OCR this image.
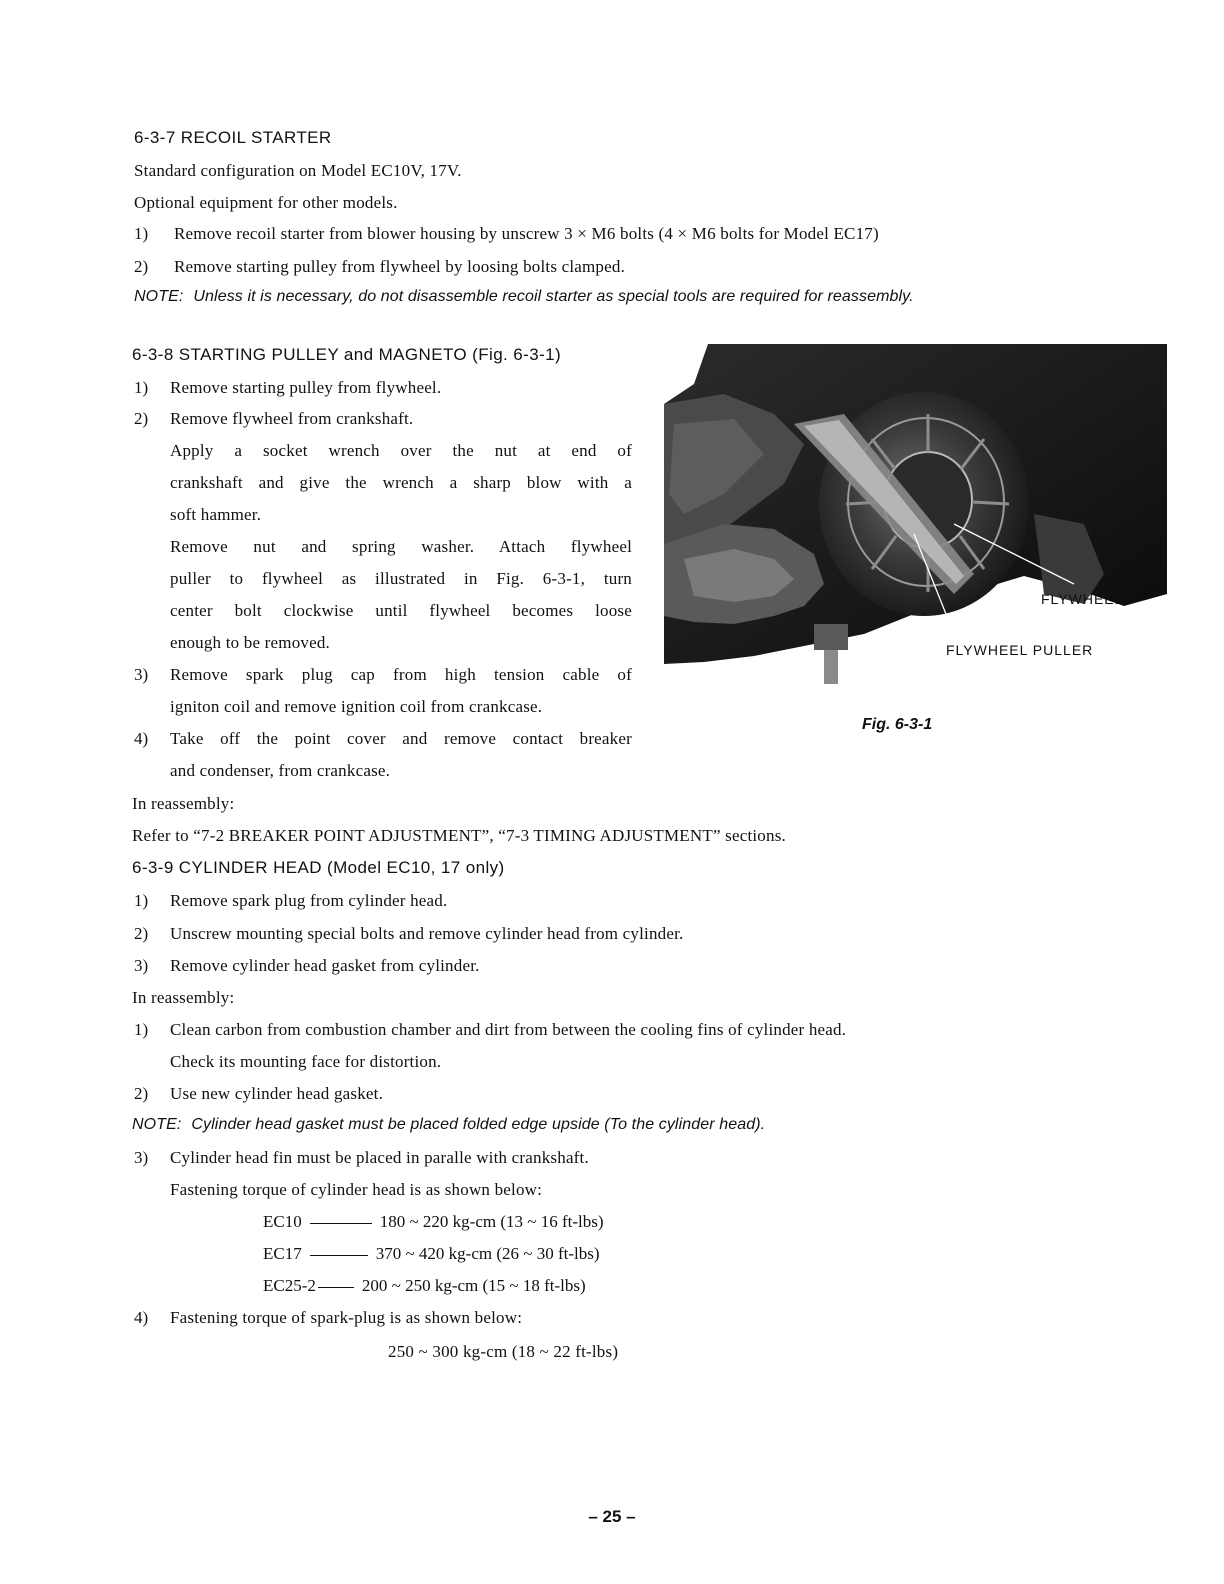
6-3-7 RECOIL STARTER
Standard configuration on Model EC10V, 17V.
Optional equipment for other models.
1) Remove recoil starter from blower housing by unscrew 3 × M6 bolts (4 × M6 bolts for Model EC17)
2) Remove starting pulley from flywheel by loosing bolts clamped.
NOTE: Unless it is necessary, do not disassemble recoil starter as special tools are required for reassembly.
6-3-8 STARTING PULLEY and MAGNETO (Fig. 6-3-1)
1) Remove starting pulley from flywheel.
2) Remove flywheel from crankshaft.
Apply a socket wrench over the nut at end of
crankshaft and give the wrench a sharp blow with a
soft hammer.
Remove nut and spring washer. Attach flywheel
puller to flywheel as illustrated in Fig. 6-3-1, turn
center bolt clockwise until flywheel becomes loose
enough to be removed.
3) Remove spark plug cap from high tension cable of
igniton coil and remove ignition coil from crankcase.
4) Take off the point cover and remove contact breaker
and condenser, from crankcase.
In reassembly:
Refer to “7-2 BREAKER POINT ADJUSTMENT”, “7-3 TIMING ADJUSTMENT” sections.
FLYWHEEL
FLYWHEEL PULLER
Fig. 6-3-1
6-3-9 CYLINDER HEAD (Model EC10, 17 only)
1) Remove spark plug from cylinder head.
2) Unscrew mounting special bolts and remove cylinder head from cylinder.
3) Remove cylinder head gasket from cylinder.
In reassembly:
1) Clean carbon from combustion chamber and dirt from between the cooling fins of cylinder head.
Check its mounting face for distortion.
2) Use new cylinder head gasket.
NOTE: Cylinder head gasket must be placed folded edge upside (To the cylinder head).
3) Cylinder head fin must be placed in paralle with crankshaft.
Fastening torque of cylinder head is as shown below:
EC10	180 ~ 220 kg-cm (13 ~ 16 ft-lbs)
EC17	370 ~ 420 kg-cm (26 ~ 30 ft-lbs)
EC25-2	200 ~ 250 kg-cm (15 ~ 18 ft-lbs)
4) Fastening torque of spark-plug is as shown below:
250 ~ 300 kg-cm (18 ~ 22 ft-lbs)
– 25 –
